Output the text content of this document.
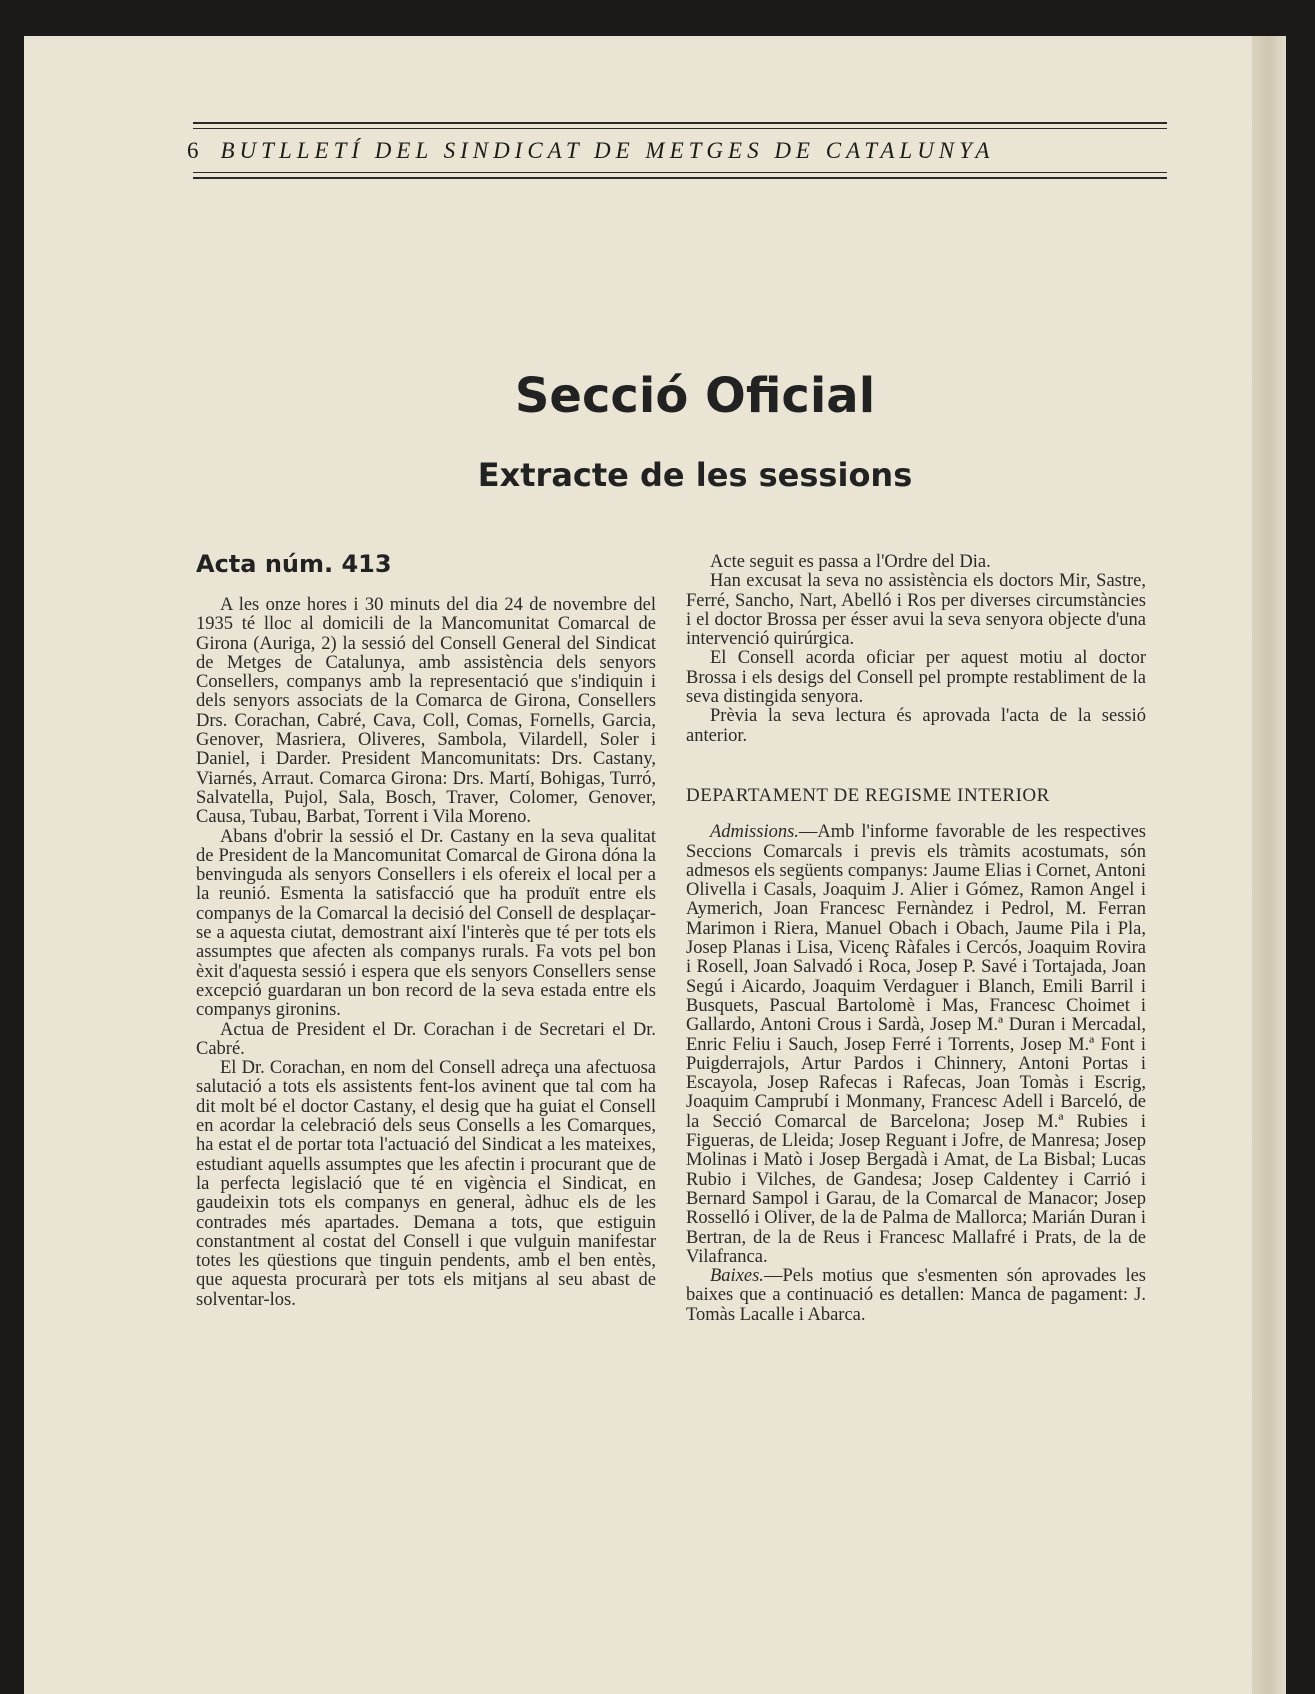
6 BUTLLETÍ DEL SINDICAT DE METGES DE CATALUNYA
Secció Oficial
Extracte de les sessions
Acta núm. 413

A les onze hores i 30 minuts del dia 24 de novembre del 1935 té lloc al domicili de la Mancomunitat Comarcal de Girona (Auriga, 2) la sessió del Consell General del Sindicat de Metges de Catalunya, amb assistència dels senyors Consellers, companys amb la representació que s'indiquin i dels senyors associats de la Comarca de Girona, Consellers Drs. Corachan, Cabré, Cava, Coll, Comas, Fornells, Garcia, Genover, Masriera, Oliveres, Sambola, Vilardell, Soler i Daniel, i Darder. President Mancomunitats: Drs. Castany, Viarnés, Arraut. Comarca Girona: Drs. Martí, Bohigas, Turró, Salvatella, Pujol, Sala, Bosch, Traver, Colomer, Genover, Causa, Tubau, Barbat, Torrent i Vila Moreno.

Abans d'obrir la sessió el Dr. Castany en la seva qualitat de President de la Mancomunitat Comarcal de Girona dóna la benvinguda als senyors Consellers i els ofereix el local per a la reunió. Esmenta la satisfacció que ha produït entre els companys de la Comarcal la decisió del Consell de desplaçar-se a aquesta ciutat, demostrant així l'interès que té per tots els assumptes que afecten als companys rurals. Fa vots pel bon èxit d'aquesta sessió i espera que els senyors Consellers sense excepció guardaran un bon record de la seva estada entre els companys gironins.

Actua de President el Dr. Corachan i de Secretari el Dr. Cabré.

El Dr. Corachan, en nom del Consell adreça una afectuosa salutació a tots els assistents fent-los avinent que tal com ha dit molt bé el doctor Castany, el desig que ha guiat el Consell en acordar la celebració dels seus Consells a les Comarques, ha estat el de portar tota l'actuació del Sindicat a les mateixes, estudiant aquells assumptes que les afectin i procurant que de la perfecta legislació que té en vigència el Sindicat, en gaudeixin tots els companys en general, àdhuc els de les contrades més apartades. Demana a tots, que estiguin constantment al costat del Consell i que vulguin manifestar totes les qüestions que tinguin pendents, amb el ben entès, que aquesta procurarà per tots els mitjans al seu abast de solventar-los.

Acte seguit es passa a l'Ordre del Dia.

Han excusat la seva no assistència els doctors Mir, Sastre, Ferré, Sancho, Nart, Abelló i Ros per diverses circumstàncies i el doctor Brossa per ésser avui la seva senyora objecte d'una intervenció quirúrgica.

El Consell acorda oficiar per aquest motiu al doctor Brossa i els desigs del Consell pel prompte restabliment de la seva distingida senyora.

Prèvia la seva lectura és aprovada l'acta de la sessió anterior.

DEPARTAMENT DE REGISME INTERIOR

Admissions.—Amb l'informe favorable de les respectives Seccions Comarcals i previs els tràmits acostumats, són admesos els següents companys: Jaume Elias i Cornet, Antoni Olivella i Casals, Joaquim J. Alier i Gómez, Ramon Angel i Aymerich, Joan Francesc Fernàndez i Pedrol, M. Ferran Marimon i Riera, Manuel Obach i Obach, Jaume Pila i Pla, Josep Planas i Lisa, Vicenç Ràfales i Cercós, Joaquim Rovira i Rosell, Joan Salvadó i Roca, Josep P. Savé i Tortajada, Joan Segú i Aicardo, Joaquim Verdaguer i Blanch, Emili Barril i Busquets, Pascual Bartolomè i Mas, Francesc Choimet i Gallardo, Antoni Crous i Sardà, Josep M.ª Duran i Mercadal, Enric Feliu i Sauch, Josep Ferré i Torrents, Josep M.ª Font i Puigderrajols, Artur Pardos i Chinnery, Antoni Portas i Escayola, Josep Rafecas i Rafecas, Joan Tomàs i Escrig, Joaquim Camprubí i Monmany, Francesc Adell i Barceló, de la Secció Comarcal de Barcelona; Josep M.ª Rubies i Figueras, de Lleida; Josep Reguant i Jofre, de Manresa; Josep Molinas i Matò i Josep Bergadà i Amat, de La Bisbal; Lucas Rubio i Vilches, de Gandesa; Josep Caldentey i Carrió i Bernard Sampol i Garau, de la Comarcal de Manacor; Josep Rosselló i Oliver, de la de Palma de Mallorca; Marián Duran i Bertran, de la de Reus i Francesc Mallafré i Prats, de la de Vilafranca.

Baixes.—Pels motius que s'esmenten són aprovades les baixes que a continuació es detallen: Manca de pagament: J. Tomàs Lacalle i Abarca.
